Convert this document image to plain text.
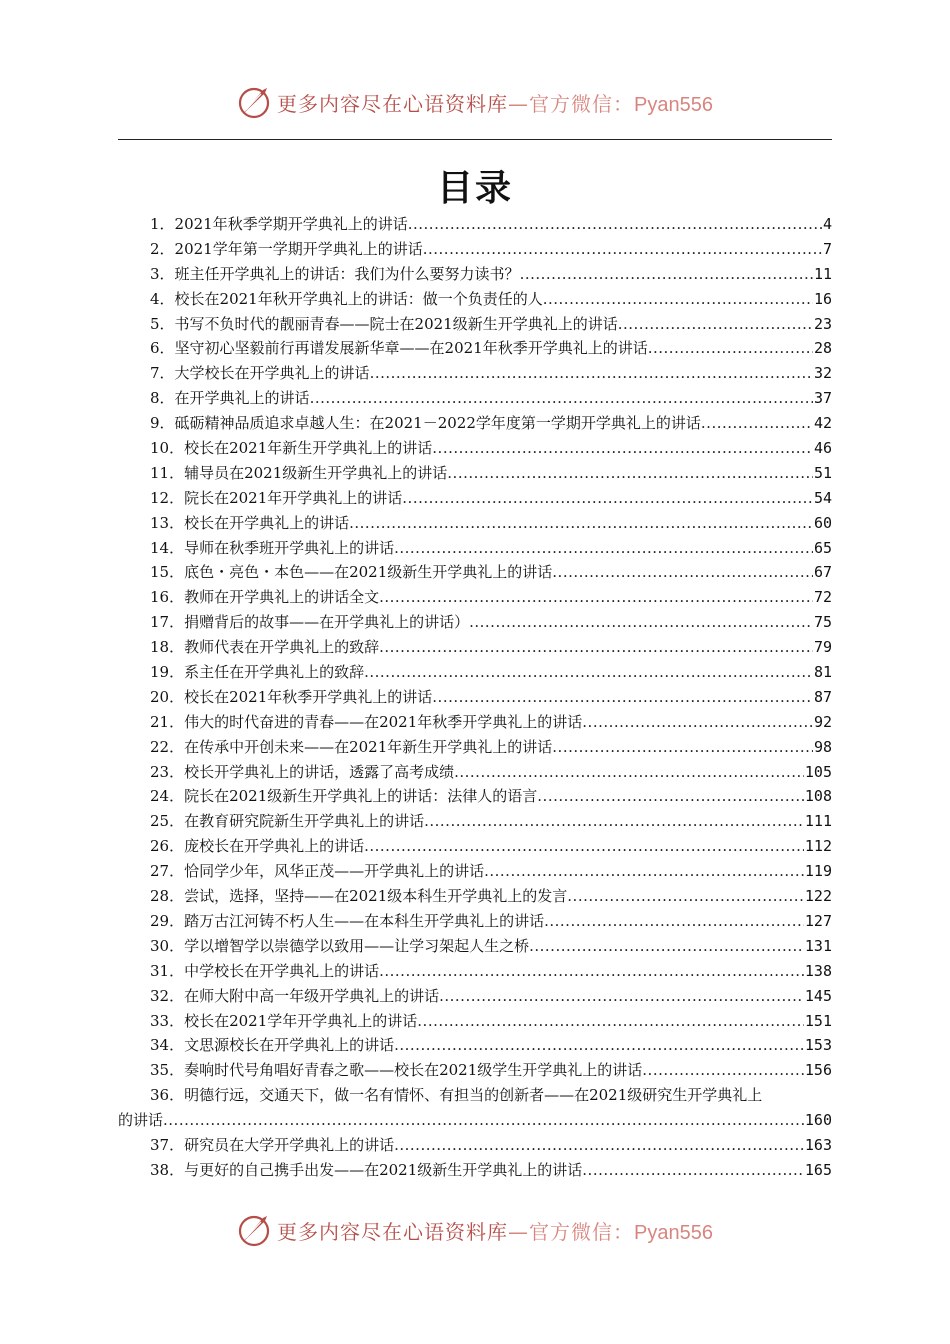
更多内容尽在心语资料库—官方微信：Pyan556
目录
1．2021年秋季学期开学典礼上的讲话 .....	4
2．2021学年第一学期开学典礼上的讲话 .....	7
3．班主任开学典礼上的讲话：我们为什么要努力读书？ .....	11
4．校长在2021年秋开学典礼上的讲话：做一个负责任的人 .....	16
5．书写不负时代的靓丽青春——院士在2021级新生开学典礼上的讲话 .....	23
6．坚守初心坚毅前行再谱发展新华章——在2021年秋季开学典礼上的讲话 .....	28
7．大学校长在开学典礼上的讲话 .....	32
8．在开学典礼上的讲话 .....	37
9．砥砺精神品质追求卓越人生：在2021－2022学年度第一学期开学典礼上的讲话 .....	42
10．校长在2021年新生开学典礼上的讲话 .....	46
11．辅导员在2021级新生开学典礼上的讲话 .....	51
12．院长在2021年开学典礼上的讲话 .....	54
13．校长在开学典礼上的讲话 .....	60
14．导师在秋季班开学典礼上的讲话 .....	65
15．底色・亮色・本色——在2021级新生开学典礼上的讲话 .....	67
16．教师在开学典礼上的讲话全文 .....	72
17．捐赠背后的故事——在开学典礼上的讲话） .....	75
18．教师代表在开学典礼上的致辞 .....	79
19．系主任在开学典礼上的致辞 .....	81
20．校长在2021年秋季开学典礼上的讲话 .....	87
21．伟大的时代奋进的青春——在2021年秋季开学典礼上的讲话 .....	92
22．在传承中开创未来——在2021年新生开学典礼上的讲话 .....	98
23．校长开学典礼上的讲话，透露了高考成绩 .....	105
24．院长在2021级新生开学典礼上的讲话：法律人的语言 .....	108
25．在教育研究院新生开学典礼上的讲话 .....	111
26．庞校长在开学典礼上的讲话 .....	112
27．恰同学少年，风华正茂——开学典礼上的讲话 .....	119
28．尝试，选择，坚持——在2021级本科生开学典礼上的发言 .....	122
29．踏万古江河铸不朽人生——在本科生开学典礼上的讲话 .....	127
30．学以增智学以崇德学以致用——让学习架起人生之桥 .....	131
31．中学校长在开学典礼上的讲话 .....	138
32．在师大附中高一年级开学典礼上的讲话 .....	145
33．校长在2021学年开学典礼上的讲话 .....	151
34．文思源校长在开学典礼上的讲话 .....	153
35．奏响时代号角唱好青春之歌——校长在2021级学生开学典礼上的讲话 .....	156
36．明德行远，交通天下，做一名有情怀、有担当的创新者——在2021级研究生开学典礼上
的讲话 .....	160
37．研究员在大学开学典礼上的讲话 .....	163
38．与更好的自己携手出发——在2021级新生开学典礼上的讲话 .....	165
更多内容尽在心语资料库—官方微信：Pyan556
